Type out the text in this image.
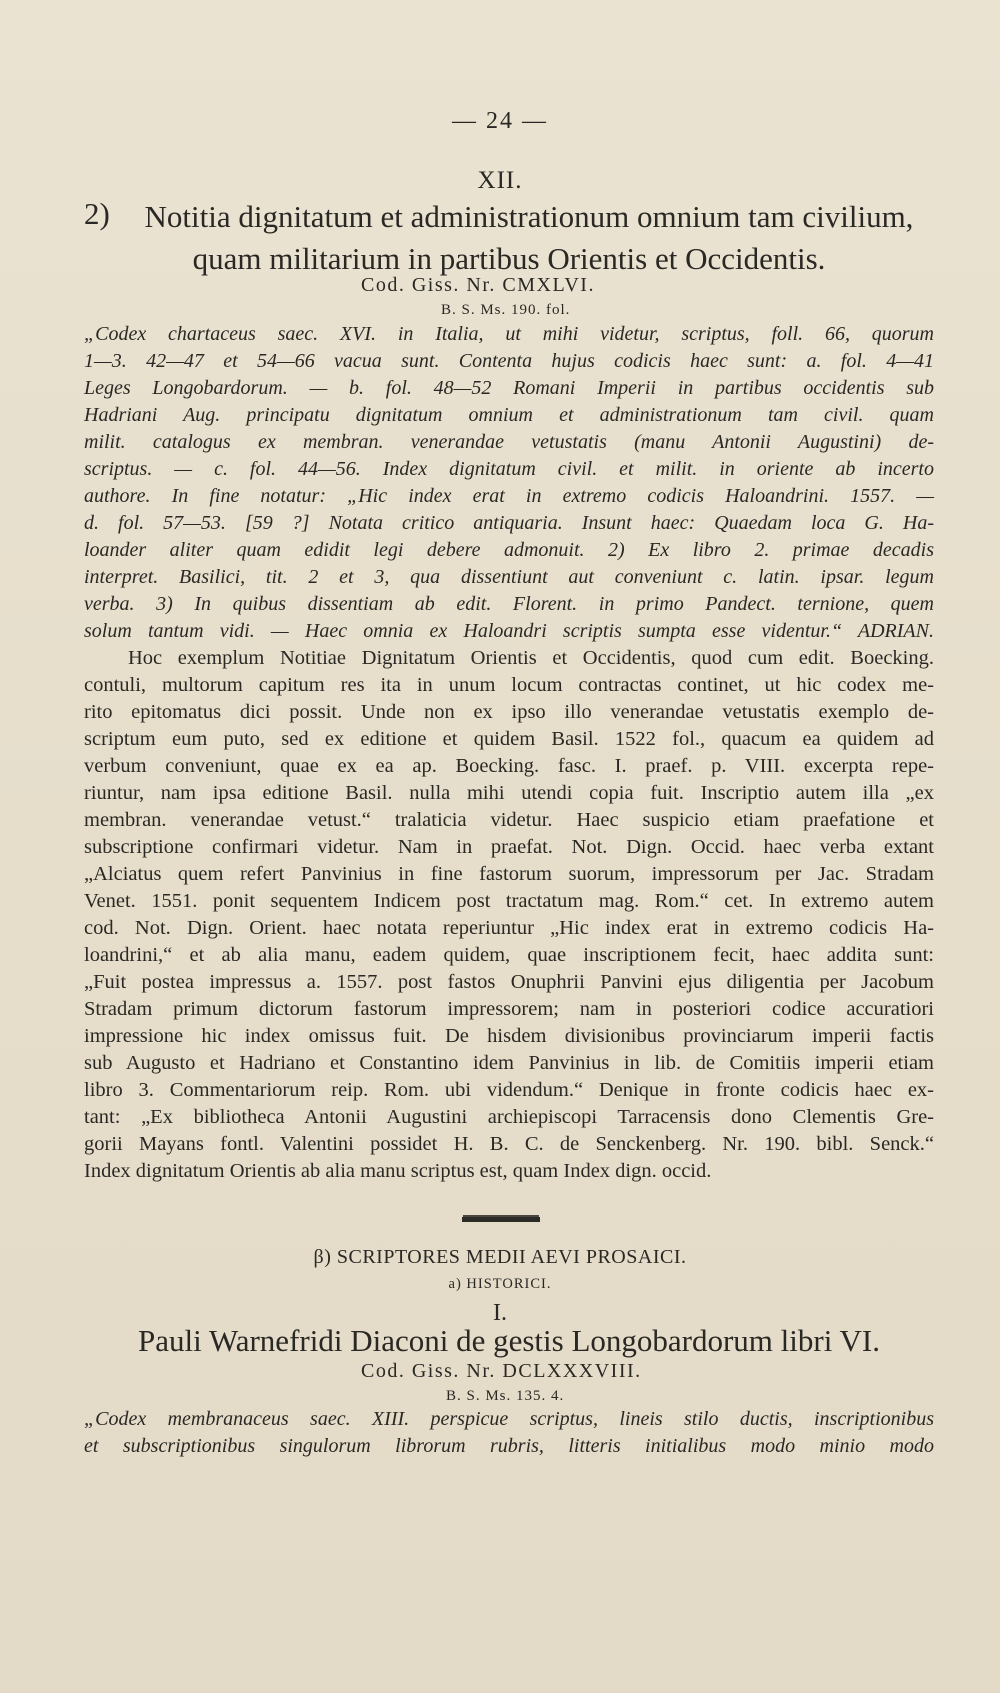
— 24 —
XII.
2)	Notitia dignitatum et administrationum omnium tam civilium,
quam militarium in partibus Orientis et Occidentis.
Cod. Giss. Nr. CMXLVI.
B. S. Ms. 190. fol.
„Codex chartaceus saec. XVI. in Italia, ut mihi videtur, scriptus, foll. 66, quorum
1—3. 42—47 et 54—66 vacua sunt. Contenta hujus codicis haec sunt: a. fol. 4—41
Leges Longobardorum. — b. fol. 48—52 Romani Imperii in partibus occidentis sub
Hadriani Aug. principatu dignitatum omnium et administrationum tam civil. quam
milit. catalogus ex membran. venerandae vetustatis (manu Antonii Augustini) de-
scriptus. — c. fol. 44—56. Index dignitatum civil. et milit. in oriente ab incerto
authore. In fine notatur: „Hic index erat in extremo codicis Haloandrini. 1557. —
d. fol. 57—53. [59 ?] Notata critico antiquaria. Insunt haec: Quaedam loca G. Ha-
loander aliter quam edidit legi debere admonuit. 2) Ex libro 2. primae decadis
interpret. Basilici, tit. 2 et 3, qua dissentiunt aut conveniunt c. latin. ipsar. legum
verba. 3) In quibus dissentiam ab edit. Florent. in primo Pandect. ternione, quem
solum tantum vidi. — Haec omnia ex Haloandri scriptis sumpta esse videntur.“ ADRIAN.
Hoc exemplum Notitiae Dignitatum Orientis et Occidentis, quod cum edit. Boecking.
contuli, multorum capitum res ita in unum locum contractas continet, ut hic codex me-
rito epitomatus dici possit. Unde non ex ipso illo venerandae vetustatis exemplo de-
scriptum eum puto, sed ex editione et quidem Basil. 1522 fol., quacum ea quidem ad
verbum conveniunt, quae ex ea ap. Boecking. fasc. I. praef. p. VIII. excerpta repe-
riuntur, nam ipsa editione Basil. nulla mihi utendi copia fuit. Inscriptio autem illa „ex
membran. venerandae vetust.“ tralaticia videtur. Haec suspicio etiam praefatione et
subscriptione confirmari videtur. Nam in praefat. Not. Dign. Occid. haec verba extant
„Alciatus quem refert Panvinius in fine fastorum suorum, impressorum per Jac. Stradam
Venet. 1551. ponit sequentem Indicem post tractatum mag. Rom.“ cet. In extremo autem
cod. Not. Dign. Orient. haec notata reperiuntur „Hic index erat in extremo codicis Ha-
loandrini,“ et ab alia manu, eadem quidem, quae inscriptionem fecit, haec addita sunt:
„Fuit postea impressus a. 1557. post fastos Onuphrii Panvini ejus diligentia per Jacobum
Stradam primum dictorum fastorum impressorem; nam in posteriori codice accuratiori
impressione hic index omissus fuit. De hisdem divisionibus provinciarum imperii factis
sub Augusto et Hadriano et Constantino idem Panvinius in lib. de Comitiis imperii etiam
libro 3. Commentariorum reip. Rom. ubi videndum.“ Denique in fronte codicis haec ex-
tant: „Ex bibliotheca Antonii Augustini archiepiscopi Tarracensis dono Clementis Gre-
gorii Mayans fontl. Valentini possidet H. B. C. de Senckenberg. Nr. 190. bibl. Senck.“
Index dignitatum Orientis ab alia manu scriptus est, quam Index dign. occid.
β) SCRIPTORES MEDII AEVI PROSAICI.
a) HISTORICI.
I.
Pauli Warnefridi Diaconi de gestis Longobardorum libri VI.
Cod. Giss. Nr. DCLXXXVIII.
B. S. Ms. 135. 4.
„Codex membranaceus saec. XIII. perspicue scriptus, lineis stilo ductis, inscriptionibus
et subscriptionibus singulorum librorum rubris, litteris initialibus modo minio modo
